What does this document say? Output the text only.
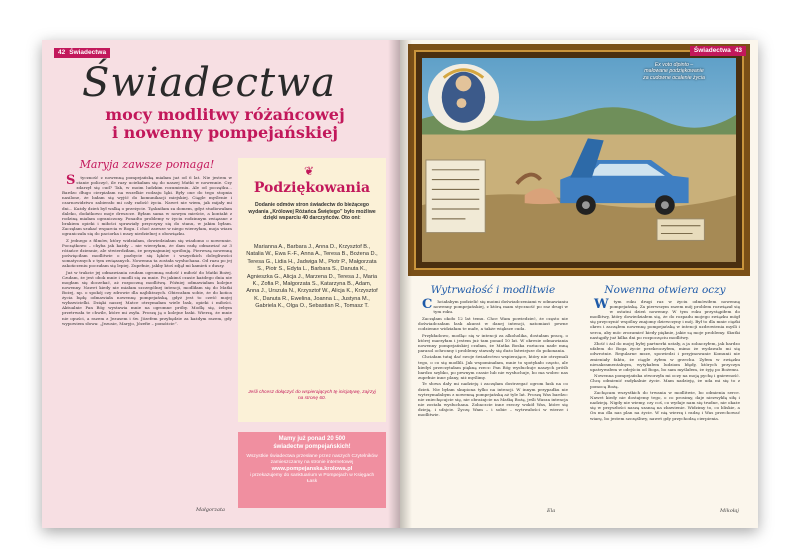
42 Świadectwa
Świadectwa
mocy modlitwy różańcowej
i nowenny pompejańskiej
Maryja zawsze pomaga!

S tyczność z nowenną pompejańską miałam już od 6 lat. Nie jestem w stanie policzyć, ile razy uciekałam się do naszej Matki w nowennie. Czy zdarzył się cud? Tak, w moim ludzkim rozumieniu. Ale od początku... Bardzo długo cierpiałam na wszelkie rodzaju lęki. Były one do tego stopnia nasilone, że bałam się wyjść do komunikacji miejskiej. Ciągle myślenie i czarnowidztwo zabierało mi cały radość życia. Nawet nie wiem, jak mijały mi dni... Każdy dzień był walką o przeżycie. Tęskniłam za domem, gdyż studiowałam daleko, dodatkowo moje dreszcze. Byłam sama w nowym mieście, a kontakt z rodziną miałam ograniczony. Ponadto problemy w życiu rodzinnym związane z brakiem opieki i miłości sprawiały przyczyny się do stanu, w jakim byłam. Zaczęłam szukać wsparcia w Bogu. I choć zawsze w niego wierzyłam, moja wiara ograniczała się do paciorka i mszy niedzielnej z obowiązku.

Z jednego z filmów, który widziałam, dowiedziałam się wiadomo o nowennie. Początkowo – chyba jak każdy – nie wierzyłam, że dam radę odmawiać aż 3 różańce dziennie, ale stwierdziłam, że przynajmniej spróbuję. Pierwszą nowennę poświęciłam modlitwie o pozbycie się lęków i wszystkich dolegliwości somatycznych z tym związanych. Nowenna ta została wysłuchana. Od razu po jej zakończeniu poczułam się lepiej. Zupełnie, jakby ktoś zdjął mi kamień z duszy.

Już w trakcie jej odmawiania czułam ogromną radość i miłość do Matki Bożej. Czułam, że jest obok mnie i modli się za mnie. Po jakimś czasie każdego dnia nie mogłam się doczekać, aż rozpocznę modlitwę. Później odmawiałam kolejne nowenny. Nawet kiedy nie miałam szczególnej intencji, modliłam się do Matki Bożej, np. o spokój czy zdrowie dla najbliższych. Obiecałam sobie, że do końca życia będę odmawiała nowennę pompejańską, gdyż jest to cześć mojej wybawicielki. Dzięki naszej Matce otrzymałam wiele łask, opieki i miłości. Aktualnie Pan Bóg wystawia mnie na ogromne próby. Modlę się, żebym przetrwała te chwile, które mi zsyła. Proszę ją o kolejne łaski. Wierzę, że mnie nie opuści, a razem z Jezusem i św. Józefem przybędzie za każdym razem, gdy wypowiem słowa: „Jezusie, Maryjo, Józefie – pomóżcie”.

Małgorzata
❦
Podziękowania
Dodanie odmów stron świadectw do bieżącego wydania „Królowej Różańca Świętego” było możliwe dzięki wsparciu 40 darczyńców. Oto oni:
Marianna A., Barbara J., Anna D., Krzysztof B., Natalia W., Ewa F.-F., Anna A., Teresa B., Bożena D., Teresa G., Lidia H., Jadwiga M., Piotr P., Małgorzata S., Piotr S., Edyta L., Barbara S., Danuta K., Agnieszka G., Alicja J., Marzena D., Teresa J., Maria K., Zofia P., Małgorzata S., Katarzyna B., Adam, Anna J., Urszula N., Krzysztof W., Alicja K., Krzysztof K., Danuta R., Ewelina, Joanna L., Justyna M., Gabriela K., Olga O., Sebastian R., Tomasz T.
Jeśli chcesz dołączyć do wspierających tę inicjatywę, zajrzyj na stronę 60.
Mamy już ponad 20 500
świadectw pompejańskich!
Wszystkie świadectwa przesłane przez naszych Czytelników zamieszczamy na stronie internetowej
www.pompejanska.krolowa.pl
i przekazujemy do sanktuarium w Pompejach w Księgach Łask
Ex voto dipinto –
malowane podziękowanie
za cudowne ocalenie życia
Świadectwa 43
Wytrwałość i modlitwie

C hciałabym podzielić się moimi doświadczeniami w odmawianiu nowenny pompejańskiej, z którą mam styczność po raz drugi w tym roku.

Zaczęłam około 12 lat temu. Chce Wam powiedzieć, że często nie doświadczałam łask akurat w danej intencji, natomiast pewne codzienne widziałam te małe, a także większe cuda.

Przykładowo, modląc się w intencji za alkoholika, dostałam pracę, o której marzyłam i jestem już tam ponad 10 lat. W okresie odmawiania nowenny pompejańskiej czułam, że Matka Boska roztacza nade mną parasol ochronny i problemy stawały się dużo łatwiejsze do pokonania.

Chciałam tutaj dać swoje świadectwo wspierające, który nie otrzymali tego, o co się modlili. Jak wspominałam, mnie to spotykało często, ale kiedyś przeczytałam piękną rzecz: Pan Bóg wysłuchuje naszych próśb bardzo szybko, po pewnym czasie lub nie wysłuchuje, bo ma wobec nas zupełnie inne plany, niż myślimy.

Te słowa dały mi nadzieję i zaczęłam dostrzegać ogrom łask na co dzień. Nie byłam skupiona tylko na intencji. W innym przypadku nie wytrzymałabym z nowenną pompejańską aż tyle lat. Proszę Was bardzo: nie zniechęcajcie się, nie obrażajcie na Matkę Bożą, jeśli Wasza intencja nie została wysłuchana. Zobaczcie inne rzeczy wokół Was, które się dzieją, i ufajcie. Życzę Wam – i sobie – wytrwałości w wierze i modlitwie.

Ela
Nowenna otwiera oczy

W tym roku drugi raz w życiu odmówiłem nowennę pompejańską. Za pierwszym razem mój problem rozwiązał się w ostatni dzień nowenny. W tym roku przystąpiłem do modlitwy, który dowiedziałem się, że do rozpadu mojego związku mógł się przyczynić wspólny znajomy dziewczyny i mój. Był to dla mnie ciężki okres i zacząłem nowennę pompejańską w intencji uzdrowienia myśli i serca, aby móc zrozumieć kiedy pięknie, jakie są moje problemy. Skutki nastąpiły już kilka dni po rozpoczęciu modlitwy.

Złość i żal do mojej byłej partnerki ustały, a ja zobaczyłem, jak bardzo ufałem do Boga życie przekroczyłem, mimo że wydawało mi się odwrotnie. Regularne msze, spowiedzi i przyjmowanie Komunii nie zmieniały faktu, że ciągle żyłem w grzechu. Zyłem w związku niesakramentalnym, wytykałem ludziom błędy, których przyczyn upatrywałem w odejściu od Boga, bo sam myślałem, że żyję po Bożemu.

Nowenna pompejańska otworzyła mi oczy na moją pychę i gniewność. Chcę odmienić radykalnie życie. Mam nadzieję, że uda mi się to z pomocą Bożą.

Zachęcam wszystkich do trwania w modlitwie, bo odmienia serce. Nawet kiedy nie dostajemy tego, o co prosimy, daje niezwykłą siłę i nadzieję. Nigdy nie wiemy, czy coś, co wydaje nam się trudne, nie okaże się w przyszłości naszą szansą na zbawienie. Widzimy to, co bliskie, a On ma dla nas plan na życie. W nią wierzę i radzę i Was przechować wiarę, bo jestem szczęśliwy, nawet gdy przychodzą cierpienia.

Mikołaj
